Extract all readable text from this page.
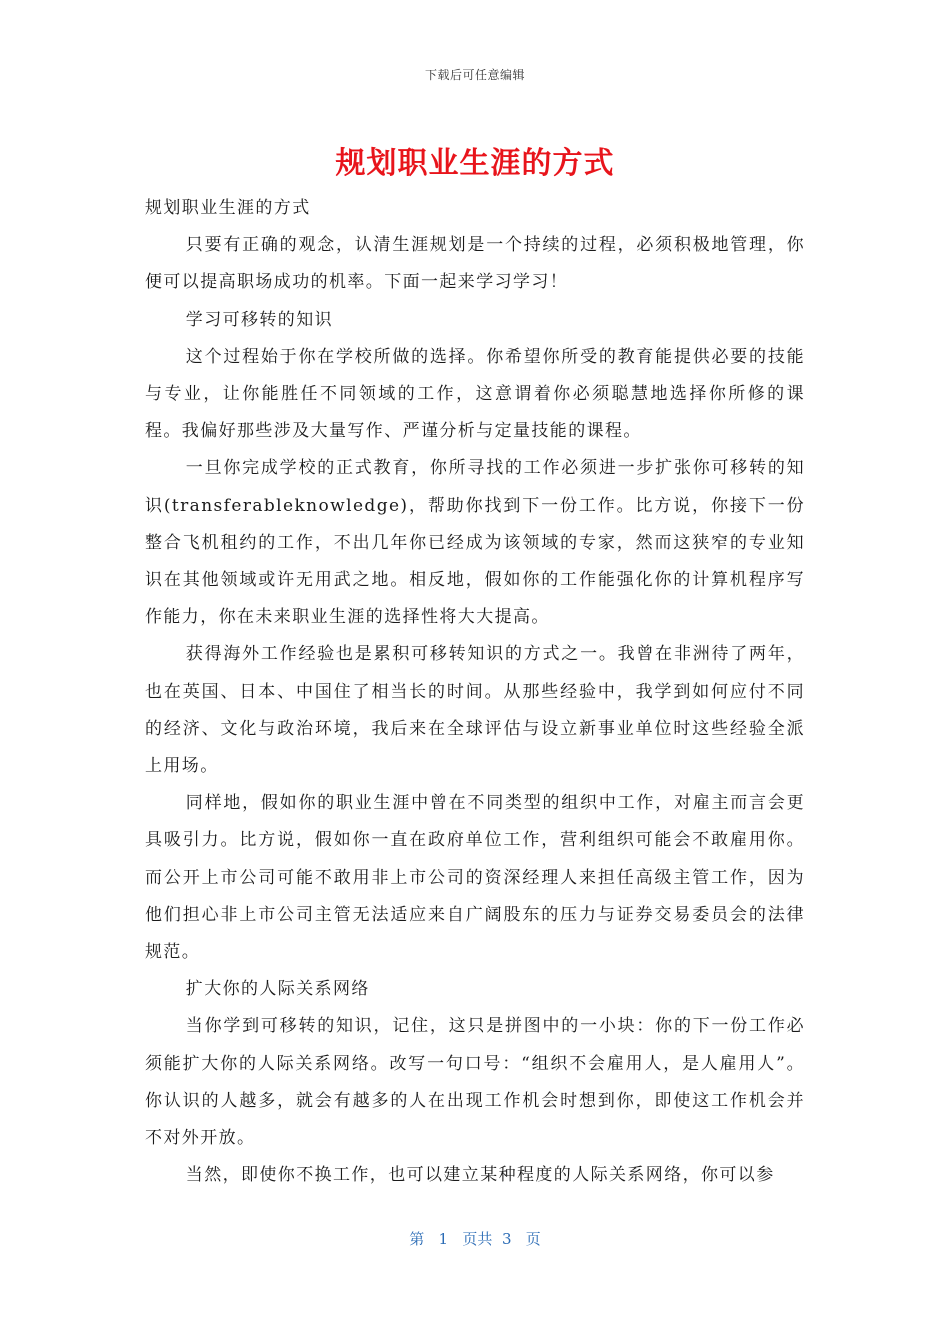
下载后可任意编辑
规划职业生涯的方式

规划职业生涯的方式

只要有正确的观念，认清生涯规划是一个持续的过程，必须积极地管理，你便可以提高职场成功的机率。下面一起来学习学习！

学习可移转的知识

这个过程始于你在学校所做的选择。你希望你所受的教育能提供必要的技能与专业，让你能胜任不同领域的工作，这意谓着你必须聪慧地选择你所修的课程。我偏好那些涉及大量写作、严谨分析与定量技能的课程。

一旦你完成学校的正式教育，你所寻找的工作必须进一步扩张你可移转的知识(transferableknowledge)，帮助你找到下一份工作。比方说，你接下一份整合飞机租约的工作，不出几年你已经成为该领域的专家，然而这狭窄的专业知识在其他领域或许无用武之地。相反地，假如你的工作能强化你的计算机程序写作能力，你在未来职业生涯的选择性将大大提高。

获得海外工作经验也是累积可移转知识的方式之一。我曾在非洲待了两年，也在英国、日本、中国住了相当长的时间。从那些经验中，我学到如何应付不同的经济、文化与政治环境，我后来在全球评估与设立新事业单位时这些经验全派上用场。

同样地，假如你的职业生涯中曾在不同类型的组织中工作，对雇主而言会更具吸引力。比方说，假如你一直在政府单位工作，营利组织可能会不敢雇用你。而公开上市公司可能不敢用非上市公司的资深经理人来担任高级主管工作，因为他们担心非上市公司主管无法适应来自广阔股东的压力与证券交易委员会的法律规范。

扩大你的人际关系网络

当你学到可移转的知识，记住，这只是拼图中的一小块：你的下一份工作必须能扩大你的人际关系网络。改写一句口号：“组织不会雇用人，是人雇用人”。你认识的人越多，就会有越多的人在出现工作机会时想到你，即使这工作机会并不对外开放。

当然，即使你不换工作，也可以建立某种程度的人际关系网络，你可以参

第 1 页共 3 页
